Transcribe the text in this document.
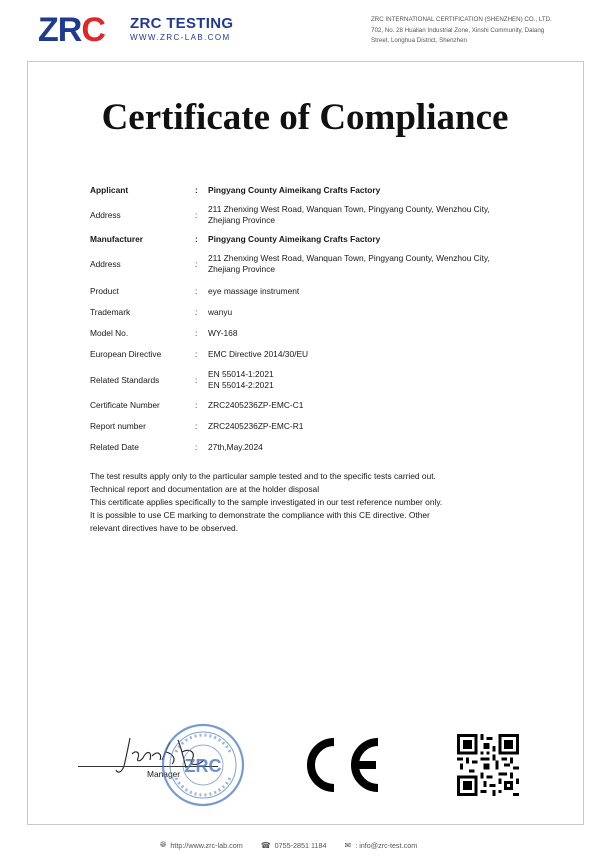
ZRC ZRC TESTING
WWW.ZRC-LAB.COM
ZRC INTERNATIONAL CERTIFICATION (SHENZHEN) CO., LTD.
702, No. 28 Hualian Industrial Zone, Xinshi Community, Dalang
Street, Longhua District, Shenzhen
Certificate of Compliance
Applicant	:	Pingyang County Aimeikang Crafts Factory
Address	:
211 Zhenxing West Road, Wanquan Town, Pingyang County, Wenzhou City,
Zhejiang Province
Manufacturer	:	Pingyang County Aimeikang Crafts Factory
Address	:
211 Zhenxing West Road, Wanquan Town, Pingyang County, Wenzhou City,
Zhejiang Province
Product	:	eye massage instrument
Trademark	:	wanyu
Model No.	:	WY-168
European Directive	:	EMC Directive 2014/30/EU
Related Standards	:
EN 55014-1:2021
EN 55014-2:2021
Certificate Number	:	ZRC2405236ZP-EMC-C1
Report number	:	ZRC2405236ZP-EMC-R1
Related Date	:	27th,May.2024
The test results apply only to the particular sample tested and to the specific tests carried out.
Technical report and documentation are at the holder disposal
This certificate applies specifically to the sample investigated in our test reference number only.
It is possible to use CE marking to demonstrate the compliance with this CE directive. Other
relevant directives have to be observed.
Manager ZRC
🌐︎ http://www.zrc-lab.com ☎ 0755-2851 1184 ✉ : info@zrc-test.com
